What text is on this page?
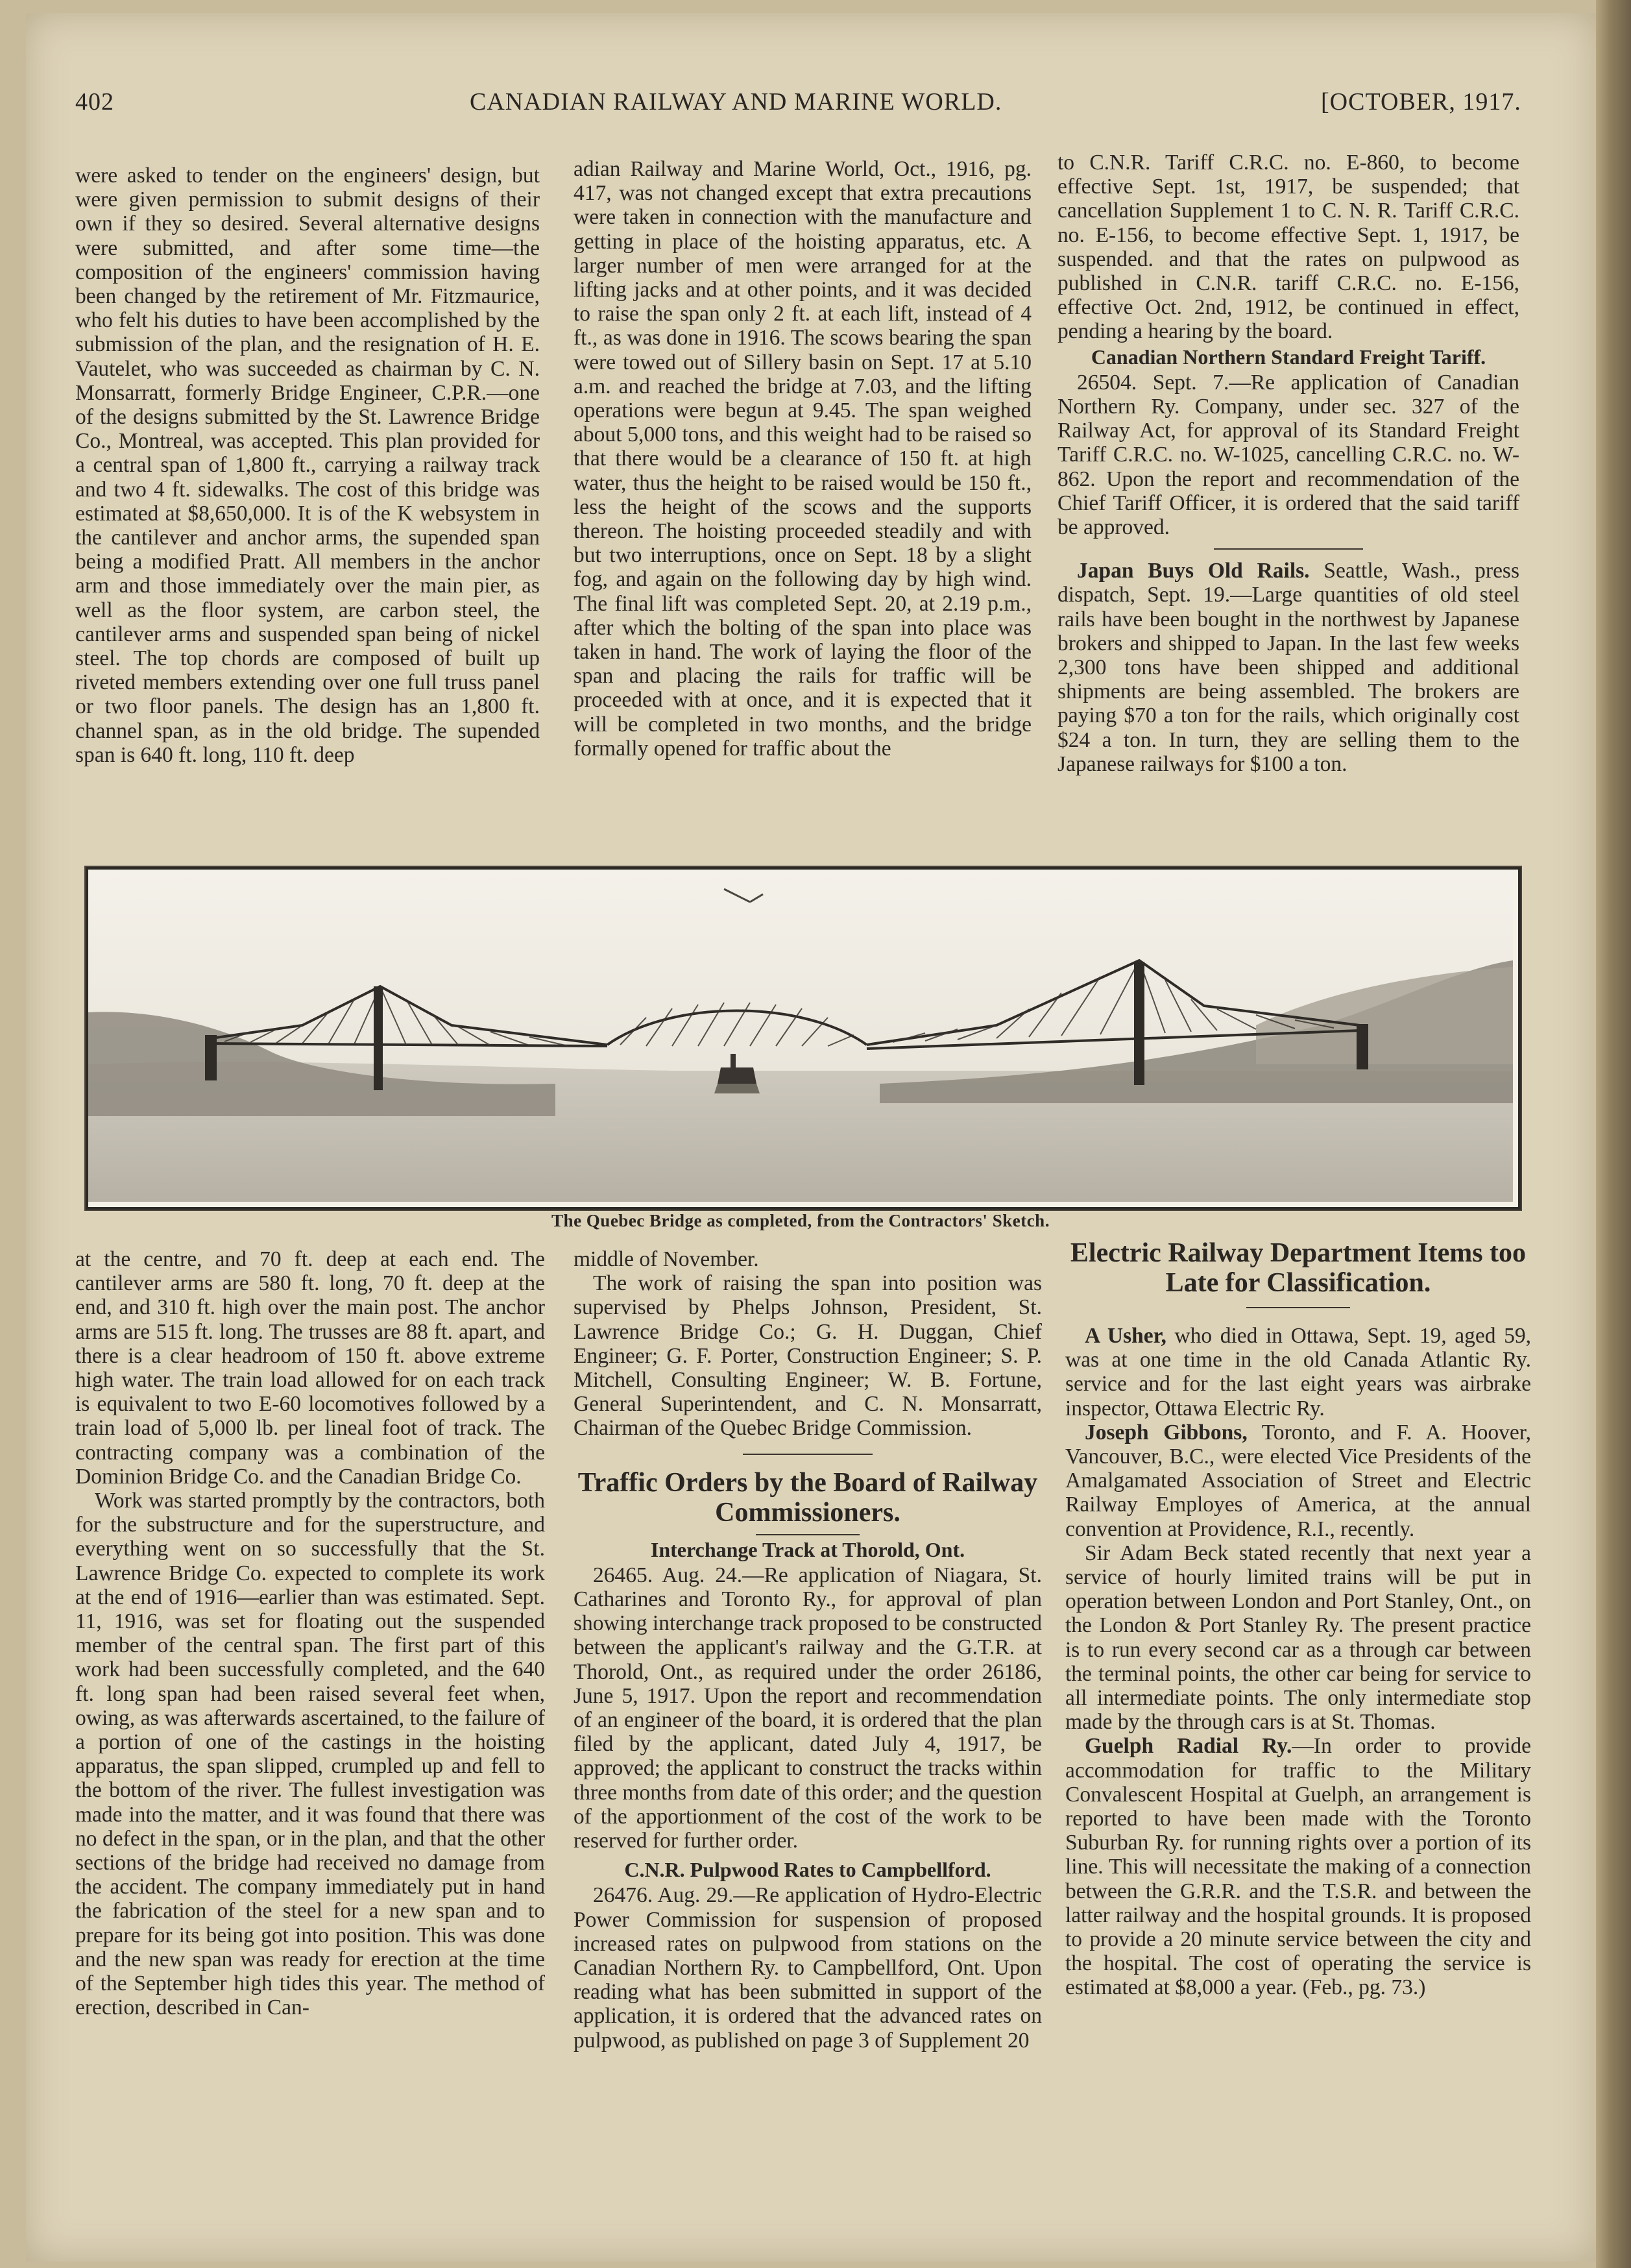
402	CANADIAN RAILWAY AND MARINE WORLD.	[OCTOBER, 1917.

were asked to tender on the engineers' design, but were given permission to submit designs of their own if they so desired. Several alternative designs were submitted, and after some time—the composition of the engineers' commission having been changed by the retirement of Mr. Fitzmaurice, who felt his duties to have been accomplished by the submission of the plan, and the resignation of H. E. Vautelet, who was succeeded as chairman by C. N. Monsarratt, formerly Bridge Engineer, C.P.R.—one of the designs submitted by the St. Lawrence Bridge Co., Montreal, was accepted. This plan provided for a central span of 1,800 ft., carrying a railway track and two 4 ft. sidewalks. The cost of this bridge was estimated at $8,650,000. It is of the K websystem in the cantilever and anchor arms, the supended span being a modified Pratt. All members in the anchor arm and those immediately over the main pier, as well as the floor system, are carbon steel, the cantilever arms and suspended span being of nickel steel. The top chords are composed of built up riveted members extending over one full truss panel or two floor panels. The design has an 1,800 ft. channel span, as in the old bridge. The supended span is 640 ft. long, 110 ft. deep

adian Railway and Marine World, Oct., 1916, pg. 417, was not changed except that extra precautions were taken in connection with the manufacture and getting in place of the hoisting apparatus, etc. A larger number of men were arranged for at the lifting jacks and at other points, and it was decided to raise the span only 2 ft. at each lift, instead of 4 ft., as was done in 1916. The scows bearing the span were towed out of Sillery basin on Sept. 17 at 5.10 a.m. and reached the bridge at 7.03, and the lifting operations were begun at 9.45. The span weighed about 5,000 tons, and this weight had to be raised so that there would be a clearance of 150 ft. at high water, thus the height to be raised would be 150 ft., less the height of the scows and the supports thereon. The hoisting proceeded steadily and with but two interruptions, once on Sept. 18 by a slight fog, and again on the following day by high wind. The final lift was completed Sept. 20, at 2.19 p.m., after which the bolting of the span into place was taken in hand. The work of laying the floor of the span and placing the rails for traffic will be proceeded with at once, and it is expected that it will be completed in two months, and the bridge formally opened for traffic about the

to C.N.R. Tariff C.R.C. no. E-860, to become effective Sept. 1st, 1917, be suspended; that cancellation Supplement 1 to C. N. R. Tariff C.R.C. no. E-156, to become effective Sept. 1, 1917, be suspended. and that the rates on pulpwood as published in C.N.R. tariff C.R.C. no. E-156, effective Oct. 2nd, 1912, be continued in effect, pending a hearing by the board.

Canadian Northern Standard Freight Tariff.

26504. Sept. 7.—Re application of Canadian Northern Ry. Company, under sec. 327 of the Railway Act, for approval of its Standard Freight Tariff C.R.C. no. W-1025, cancelling C.R.C. no. W-862. Upon the report and recommendation of the Chief Tariff Officer, it is ordered that the said tariff be approved.

Japan Buys Old Rails. Seattle, Wash., press dispatch, Sept. 19.—Large quantities of old steel rails have been bought in the northwest by Japanese brokers and shipped to Japan. In the last few weeks 2,300 tons have been shipped and additional shipments are being assembled. The brokers are paying $70 a ton for the rails, which originally cost $24 a ton. In turn, they are selling them to the Japanese railways for $100 a ton.

The Quebec Bridge as completed, from the Contractors' Sketch.

at the centre, and 70 ft. deep at each end. The cantilever arms are 580 ft. long, 70 ft. deep at the end, and 310 ft. high over the main post. The anchor arms are 515 ft. long. The trusses are 88 ft. apart, and there is a clear headroom of 150 ft. above extreme high water. The train load allowed for on each track is equivalent to two E-60 locomotives followed by a train load of 5,000 lb. per lineal foot of track. The contracting company was a combination of the Dominion Bridge Co. and the Canadian Bridge Co.

Work was started promptly by the contractors, both for the substructure and for the superstructure, and everything went on so successfully that the St. Lawrence Bridge Co. expected to complete its work at the end of 1916—earlier than was estimated. Sept. 11, 1916, was set for floating out the suspended member of the central span. The first part of this work had been successfully completed, and the 640 ft. long span had been raised several feet when, owing, as was afterwards ascertained, to the failure of a portion of one of the castings in the hoisting apparatus, the span slipped, crumpled up and fell to the bottom of the river. The fullest investigation was made into the matter, and it was found that there was no defect in the span, or in the plan, and that the other sections of the bridge had received no damage from the accident. The company immediately put in hand the fabrication of the steel for a new span and to prepare for its being got into position. This was done and the new span was ready for erection at the time of the September high tides this year. The method of erection, described in Can-

middle of November.

The work of raising the span into position was supervised by Phelps Johnson, President, St. Lawrence Bridge Co.; G. H. Duggan, Chief Engineer; G. F. Porter, Construction Engineer; S. P. Mitchell, Consulting Engineer; W. B. Fortune, General Superintendent, and C. N. Monsarratt, Chairman of the Quebec Bridge Commission.

Traffic Orders by the Board of Railway Commissioners.
Interchange Track at Thorold, Ont.

26465. Aug. 24.—Re application of Niagara, St. Catharines and Toronto Ry., for approval of plan showing interchange track proposed to be constructed between the applicant's railway and the G.T.R. at Thorold, Ont., as required under the order 26186, June 5, 1917. Upon the report and recommendation of an engineer of the board, it is ordered that the plan filed by the applicant, dated July 4, 1917, be approved; the applicant to construct the tracks within three months from date of this order; and the question of the apportionment of the cost of the work to be reserved for further order.

C.N.R. Pulpwood Rates to Campbellford.

26476. Aug. 29.—Re application of Hydro-Electric Power Commission for suspension of proposed increased rates on pulpwood from stations on the Canadian Northern Ry. to Campbellford, Ont. Upon reading what has been submitted in support of the application, it is ordered that the advanced rates on pulpwood, as published on page 3 of Supplement 20

Electric Railway Department Items too Late for Classification.

A Usher, who died in Ottawa, Sept. 19, aged 59, was at one time in the old Canada Atlantic Ry. service and for the last eight years was airbrake inspector, Ottawa Electric Ry.

Joseph Gibbons, Toronto, and F. A. Hoover, Vancouver, B.C., were elected Vice Presidents of the Amalgamated Association of Street and Electric Railway Employes of America, at the annual convention at Providence, R.I., recently.

Sir Adam Beck stated recently that next year a service of hourly limited trains will be put in operation between London and Port Stanley, Ont., on the London & Port Stanley Ry. The present practice is to run every second car as a through car between the terminal points, the other car being for service to all intermediate points. The only intermediate stop made by the through cars is at St. Thomas.

Guelph Radial Ry.—In order to provide accommodation for traffic to the Military Convalescent Hospital at Guelph, an arrangement is reported to have been made with the Toronto Suburban Ry. for running rights over a portion of its line. This will necessitate the making of a connection between the G.R.R. and the T.S.R. and between the latter railway and the hospital grounds. It is proposed to provide a 20 minute service between the city and the hospital. The cost of operating the service is estimated at $8,000 a year. (Feb., pg. 73.)
